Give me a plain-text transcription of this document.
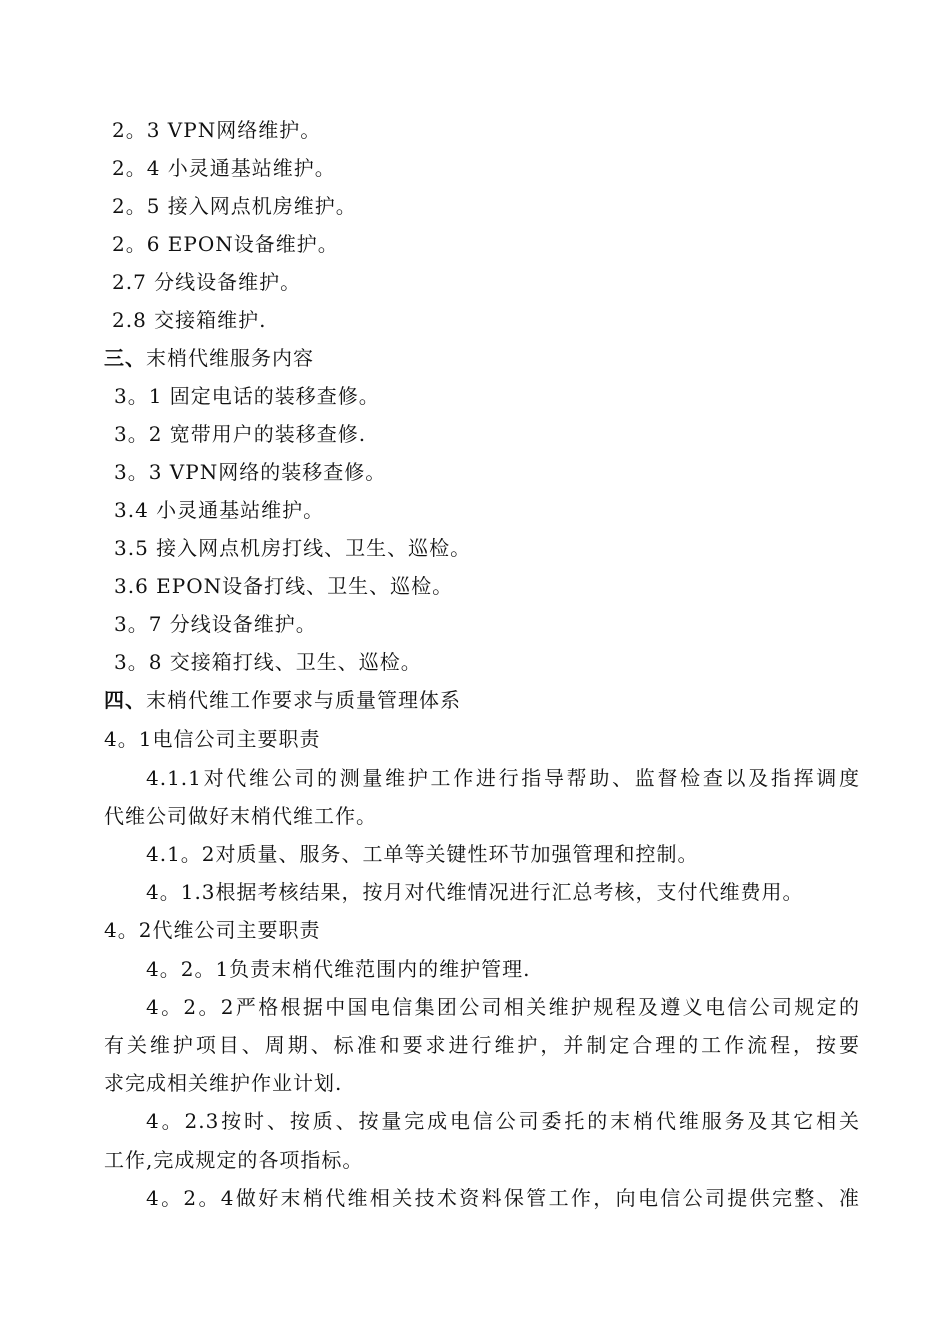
2。3 VPN网络维护。
2。4 小灵通基站维护。
2。5 接入网点机房维护。
2。6 EPON设备维护。
2.7 分线设备维护。
2.8 交接箱维护.
三、末梢代维服务内容
3。1 固定电话的装移查修。
3。2 宽带用户的装移查修.
3。3 VPN网络的装移查修。
3.4 小灵通基站维护。
3.5 接入网点机房打线、卫生、巡检。
3.6 EPON设备打线、卫生、巡检。
3。7 分线设备维护。
3。8 交接箱打线、卫生、巡检。
四、末梢代维工作要求与质量管理体系
4。1电信公司主要职责
4.1.1对代维公司的测量维护工作进行指导帮助、监督检查以及指挥调度
代维公司做好末梢代维工作。
4.1。2对质量、服务、工单等关键性环节加强管理和控制。
4。1.3根据考核结果，按月对代维情况进行汇总考核，支付代维费用。
4。2代维公司主要职责
4。2。1负责末梢代维范围内的维护管理.
4。2。2严格根据中国电信集团公司相关维护规程及遵义电信公司规定的
有关维护项目、周期、标准和要求进行维护，并制定合理的工作流程，按要
求完成相关维护作业计划.
4。2.3按时、按质、按量完成电信公司委托的末梢代维服务及其它相关
工作,完成规定的各项指标。
4。2。4做好末梢代维相关技术资料保管工作，向电信公司提供完整、准
